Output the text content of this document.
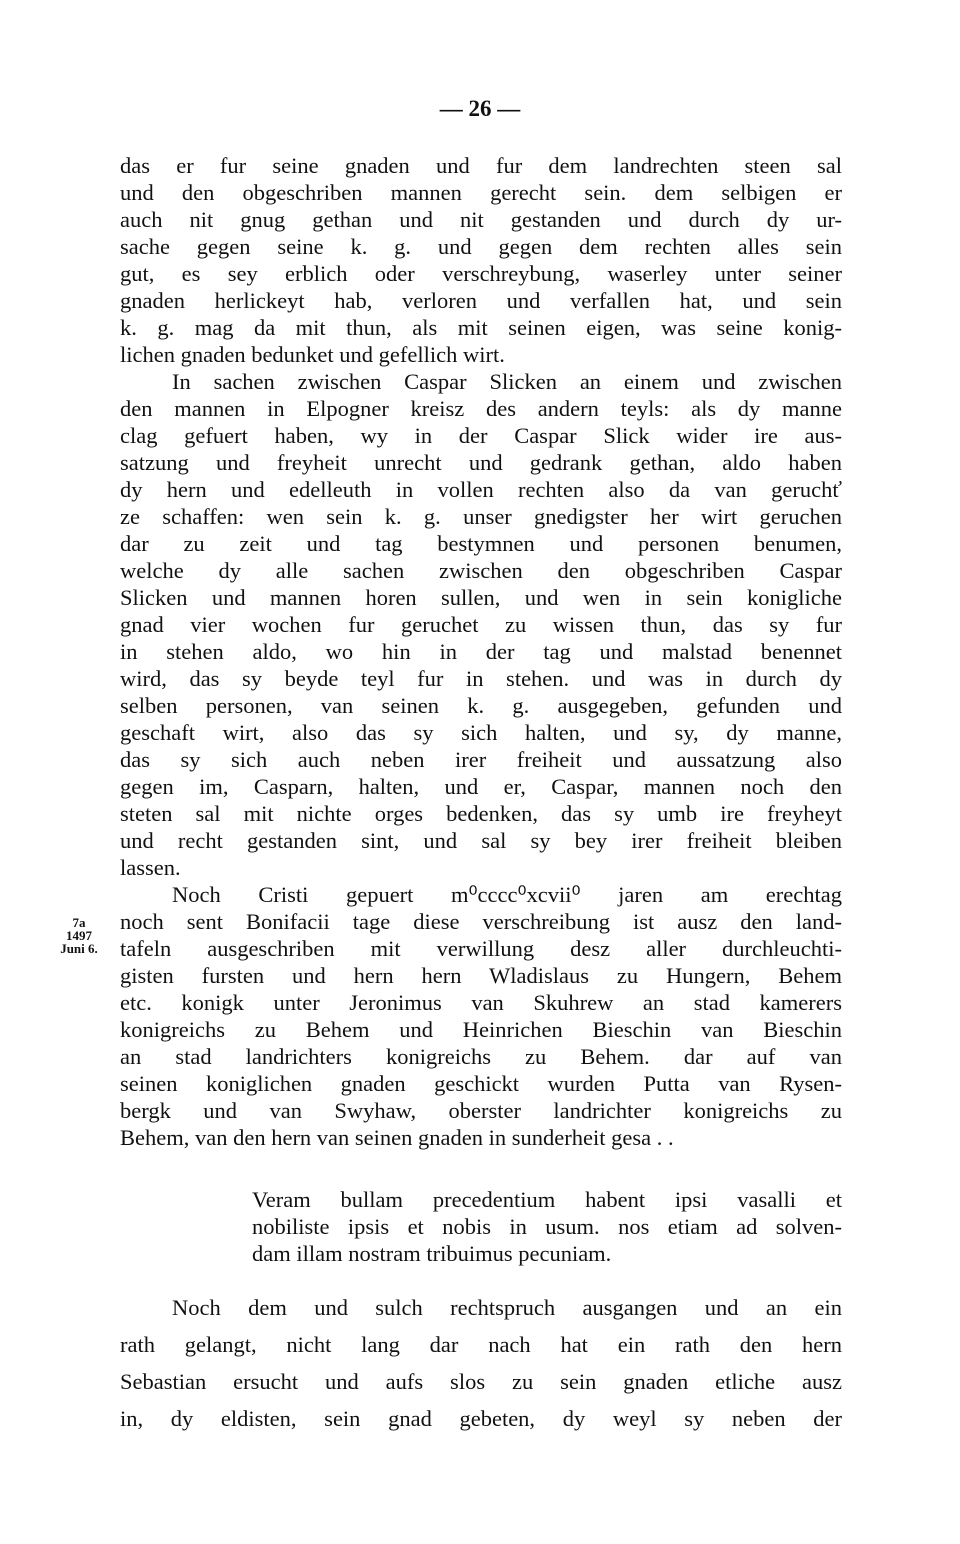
— 26 —
7a
1497
Juni 6.
das er fur seine gnaden und fur dem landrechten steen sal
und den obgeschriben mannen gerecht sein. dem selbigen er
auch nit gnug gethan und nit gestanden und durch dy ur-
sache gegen seine k. g. und gegen dem rechten alles sein
gut, es sey erblich oder verschreybung, waserley unter seiner
gnaden herlickeyt hab, verloren und verfallen hat, und sein
k. g. mag da mit thun, als mit seinen eigen, was seine konig-
lichen gnaden bedunket und gefellich wirt.
In sachen zwischen Caspar Slicken an einem und zwischen
den mannen in Elpogner kreisz des andern teyls: als dy manne
clag gefuert haben, wy in der Caspar Slick wider ire aus-
satzung und freyheit unrecht und gedrank gethan, aldo haben
dy hern und edelleuth in vollen rechten also da van geruchť
ze schaffen: wen sein k. g. unser gnedigster her wirt geruchen
dar zu zeit und tag bestymnen und personen benumen,
welche dy alle sachen zwischen den obgeschriben Caspar
Slicken und mannen horen sullen, und wen in sein konigliche
gnad vier wochen fur geruchet zu wissen thun, das sy fur
in stehen aldo, wo hin in der tag und malstad benennet
wird, das sy beyde teyl fur in stehen. und was in durch dy
selben personen, van seinen k. g. ausgegeben, gefunden und
geschaft wirt, also das sy sich halten, und sy, dy manne,
das sy sich auch neben irer freiheit und aussatzung also
gegen im, Casparn, halten, und er, Caspar, mannen noch den
steten sal mit nichte orges bedenken, das sy umb ire freyheyt
und recht gestanden sint, und sal sy bey irer freiheit bleiben
lassen.
Noch Cristi gepuert m⁰cccc⁰xcvii⁰ jaren am erechtag
noch sent Bonifacii tage diese verschreibung ist ausz den land-
tafeln ausgeschriben mit verwillung desz aller durchleuchti-
gisten fursten und hern hern Wladislaus zu Hungern, Behem
etc. konigk unter Jeronimus van Skuhrew an stad kamerers
konigreichs zu Behem und Heinrichen Bieschin van Bieschin
an stad landrichters konigreichs zu Behem. dar auf van
seinen koniglichen gnaden geschickt wurden Putta van Rysen-
bergk und van Swyhaw, oberster landrichter konigreichs zu
Behem, van den hern van seinen gnaden in sunderheit gesa . .
Veram bullam precedentium habent ipsi vasalli et
nobiliste ipsis et nobis in usum. nos etiam ad solven-
dam illam nostram tribuimus pecuniam.
Noch dem und sulch rechtspruch ausgangen und an ein
rath gelangt, nicht lang dar nach hat ein rath den hern
Sebastian ersucht und aufs slos zu sein gnaden etliche ausz
in, dy eldisten, sein gnad gebeten, dy weyl sy neben der
